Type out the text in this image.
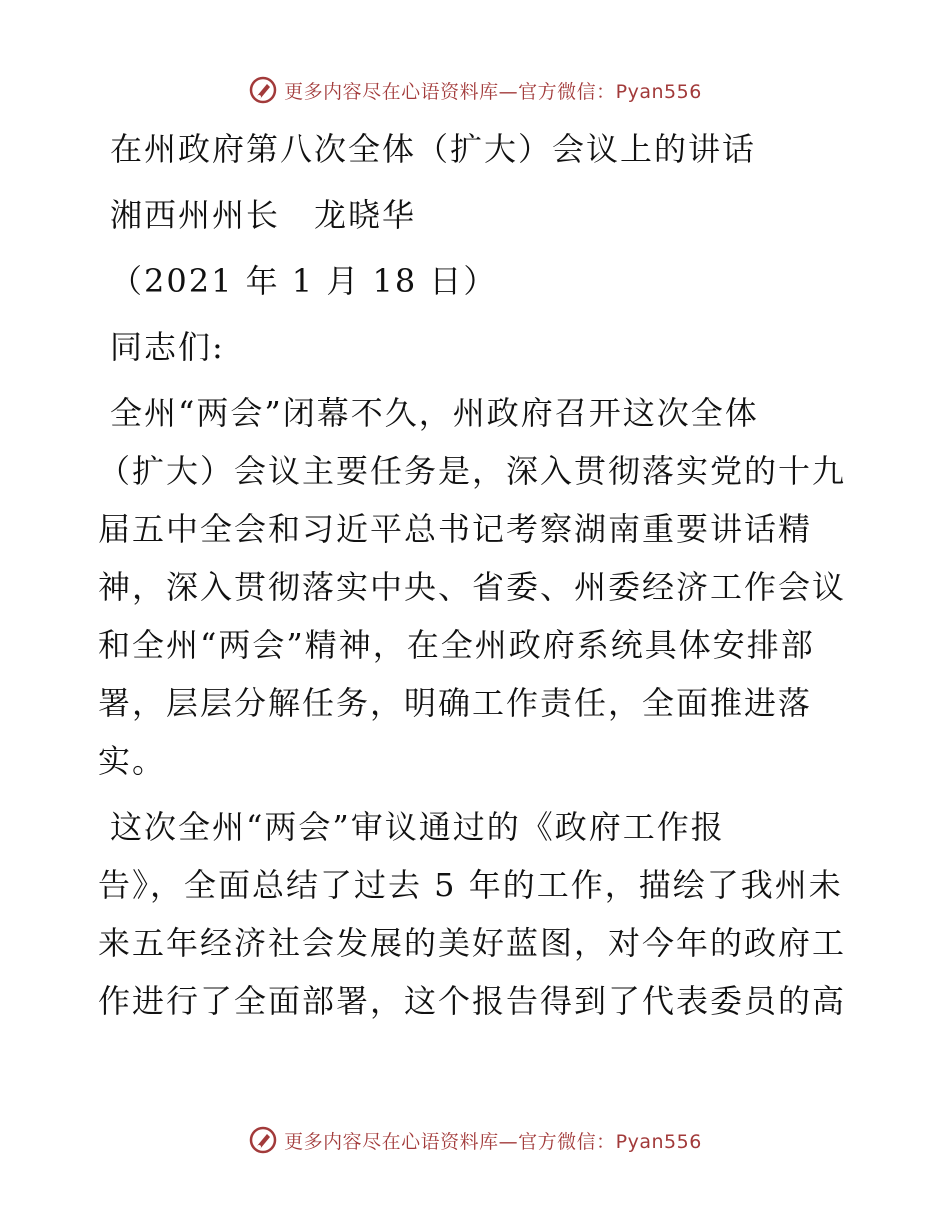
更多内容尽在心语资料库—官方微信：Pyan556
在州政府第八次全体（扩大）会议上的讲话
湘西州州长　龙晓华
（2021 年 1 月 18 日）
同志们:
全州“两会”闭幕不久，州政府召开这次全体
（扩大）会议主要任务是，深入贯彻落实党的十九
届五中全会和习近平总书记考察湖南重要讲话精
神，深入贯彻落实中央、省委、州委经济工作会议
和全州“两会”精神，在全州政府系统具体安排部
署，层层分解任务，明确工作责任，全面推进落
实。
这次全州“两会”审议通过的《政府工作报
告》，全面总结了过去 5 年的工作，描绘了我州未
来五年经济社会发展的美好蓝图，对今年的政府工
作进行了全面部署，这个报告得到了代表委员的高
更多内容尽在心语资料库—官方微信：Pyan556
